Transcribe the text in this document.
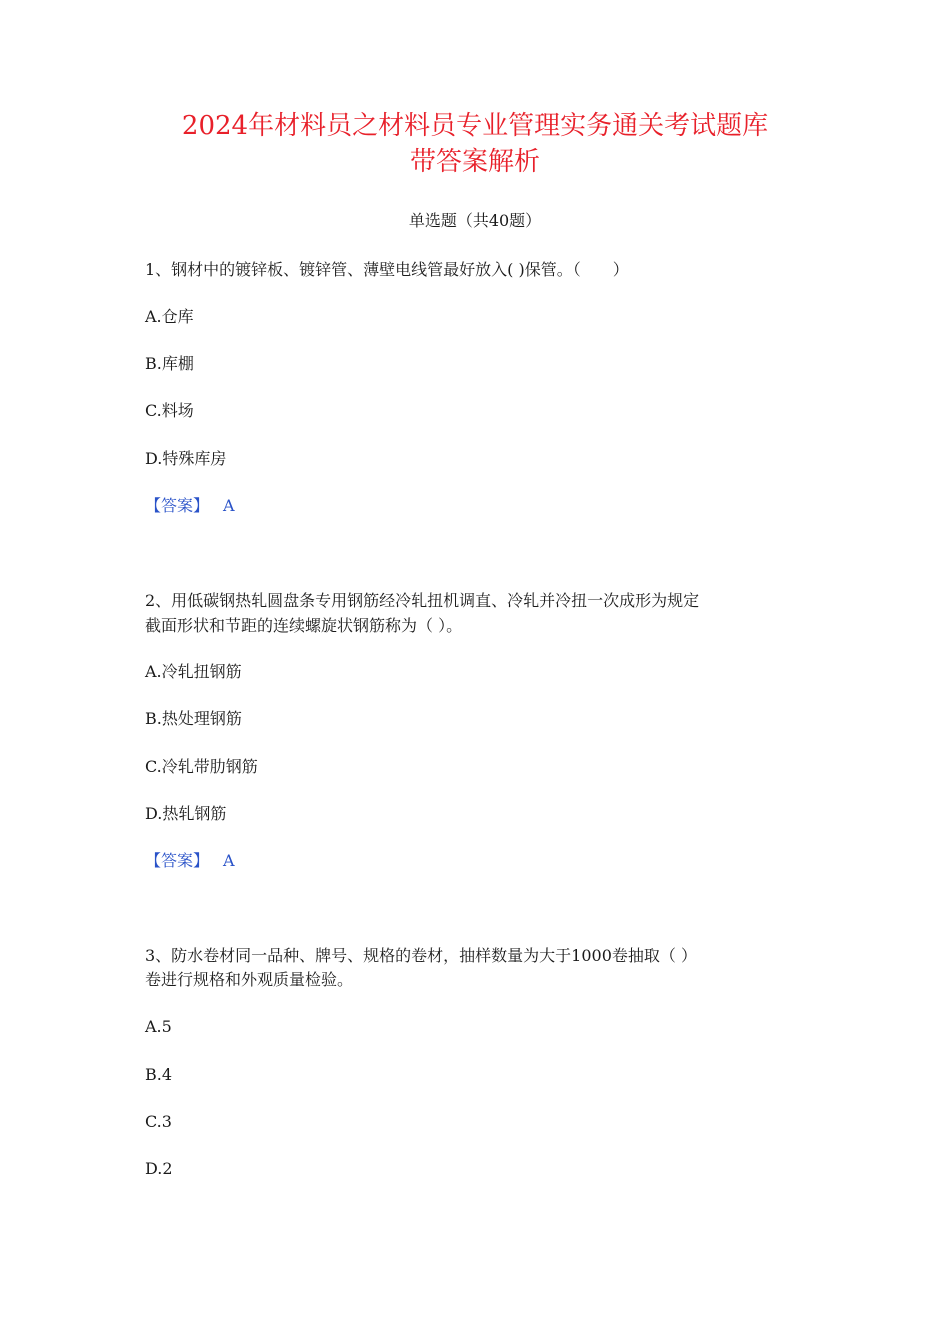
2024年材料员之材料员专业管理实务通关考试题库
带答案解析
单选题（共40题）
1、钢材中的镀锌板、镀锌管、薄壁电线管最好放入( )保管。（　　）
A.仓库
B.库棚
C.料场
D.特殊库房
【答案】 A
2、用低碳钢热轧圆盘条专用钢筋经冷轧扭机调直、冷轧并冷扭一次成形为规定
截面形状和节距的连续螺旋状钢筋称为（ ）。
A.冷轧扭钢筋
B.热处理钢筋
C.冷轧带肋钢筋
D.热轧钢筋
【答案】 A
3、防水卷材同一品种、牌号、规格的卷材，抽样数量为大于1000卷抽取（ ）
卷进行规格和外观质量检验。
A.5
B.4
C.3
D.2
